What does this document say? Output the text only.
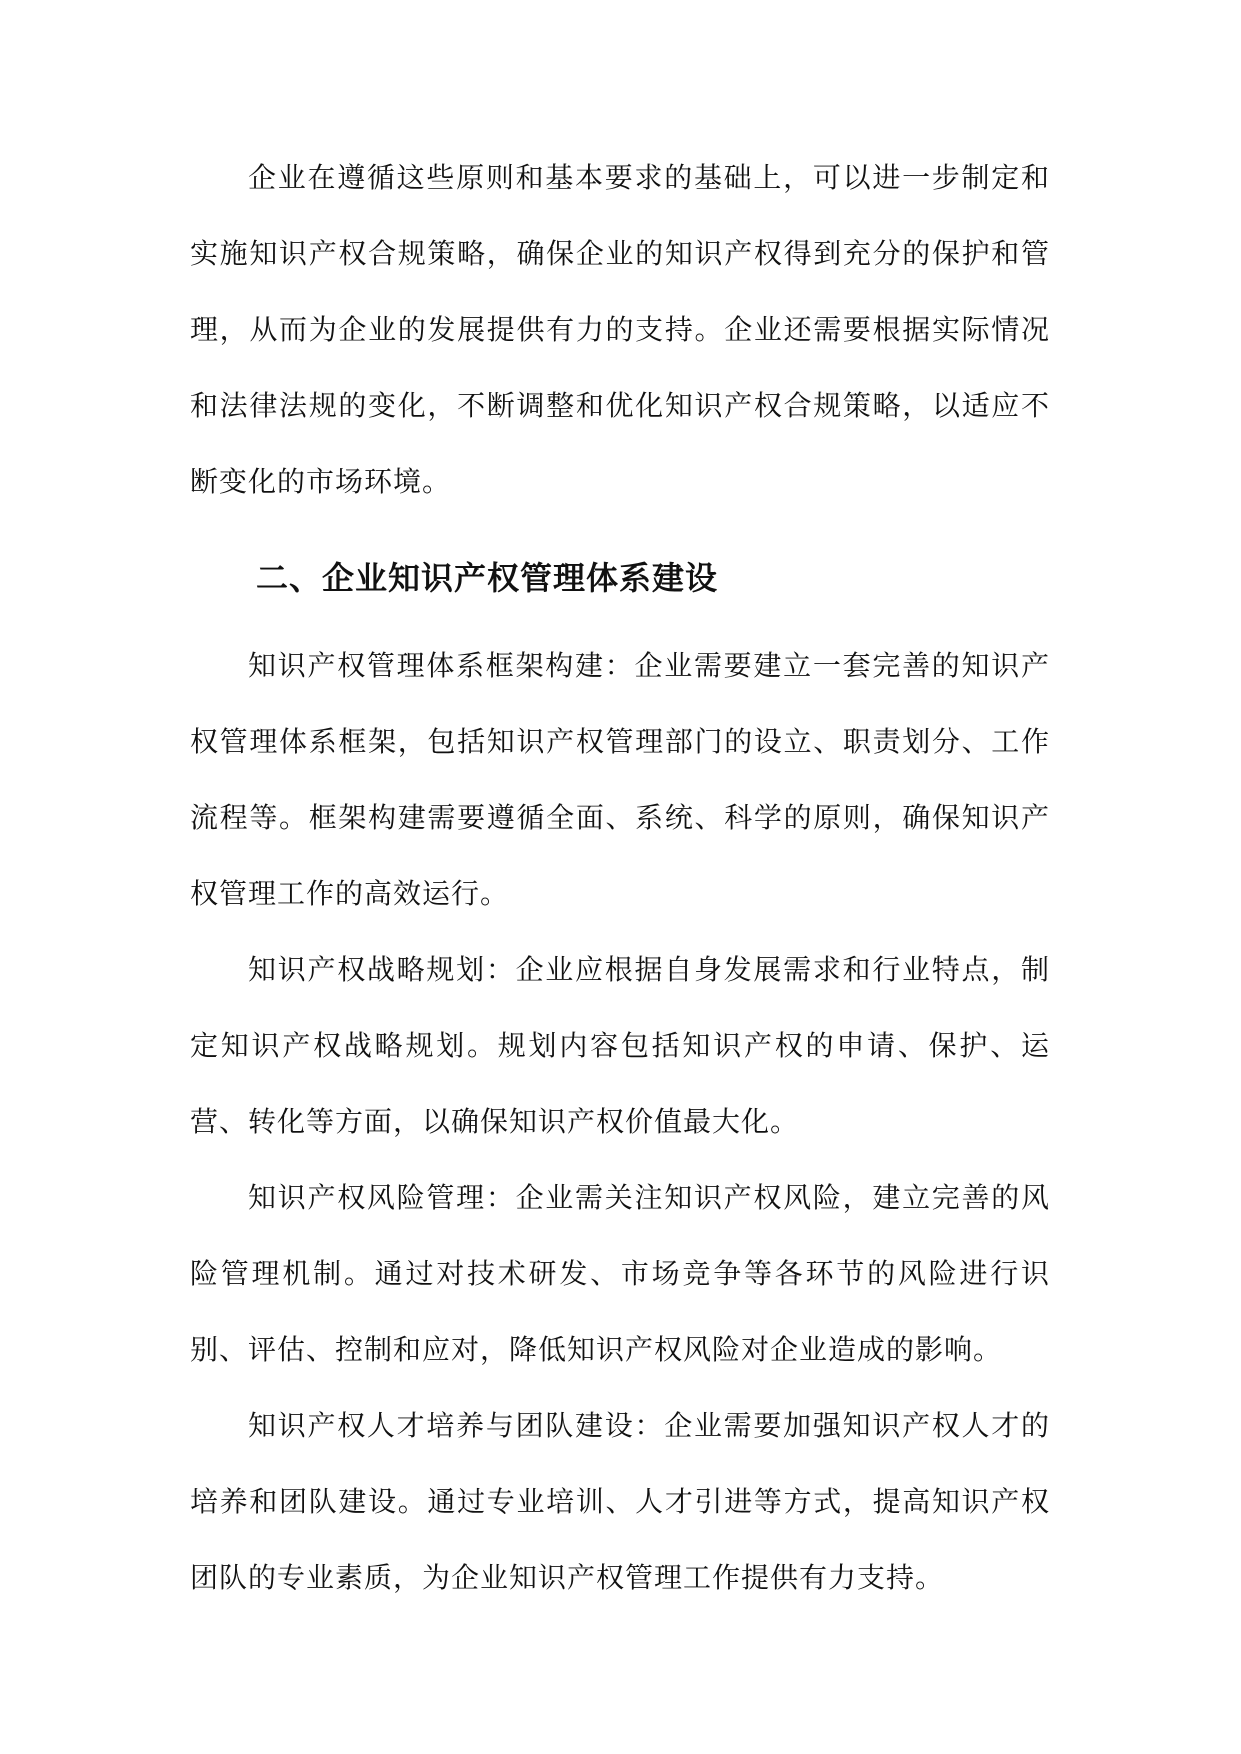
企业在遵循这些原则和基本要求的基础上，可以进一步制定和实施知识产权合规策略，确保企业的知识产权得到充分的保护和管理，从而为企业的发展提供有力的支持。企业还需要根据实际情况和法律法规的变化，不断调整和优化知识产权合规策略，以适应不断变化的市场环境。

二、企业知识产权管理体系建设

知识产权管理体系框架构建：企业需要建立一套完善的知识产权管理体系框架，包括知识产权管理部门的设立、职责划分、工作流程等。框架构建需要遵循全面、系统、科学的原则，确保知识产权管理工作的高效运行。

知识产权战略规划：企业应根据自身发展需求和行业特点，制定知识产权战略规划。规划内容包括知识产权的申请、保护、运营、转化等方面，以确保知识产权价值最大化。

知识产权风险管理：企业需关注知识产权风险，建立完善的风险管理机制。通过对技术研发、市场竞争等各环节的风险进行识别、评估、控制和应对，降低知识产权风险对企业造成的影响。

知识产权人才培养与团队建设：企业需要加强知识产权人才的培养和团队建设。通过专业培训、人才引进等方式，提高知识产权团队的专业素质，为企业知识产权管理工作提供有力支持。
